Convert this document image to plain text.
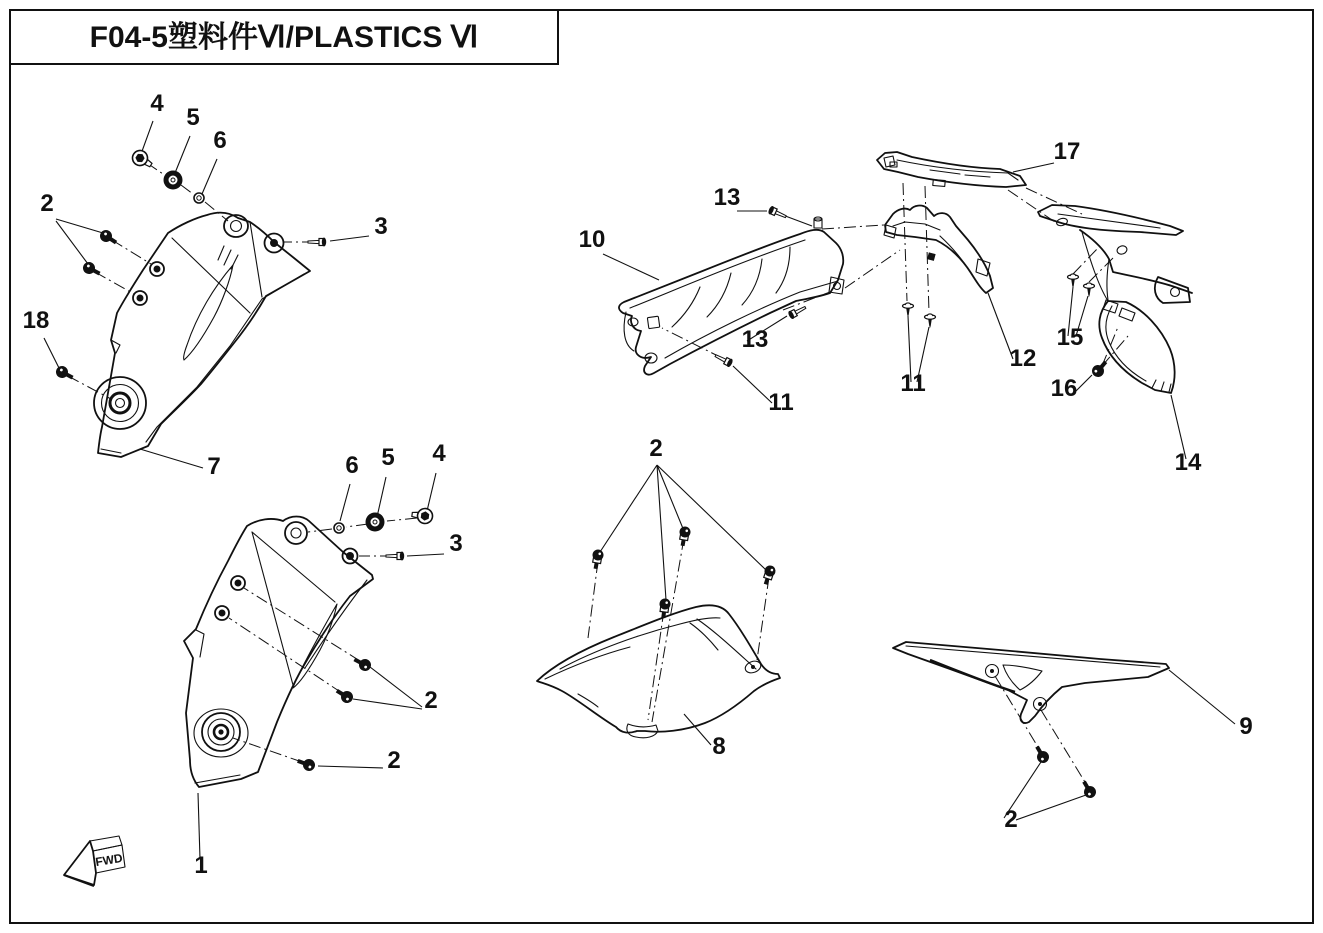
F04-5塑料件Ⅵ/PLASTICS Ⅵ
FWD
4
5
6
2
3
18
7
10
13
13
11
11
12
17
15
16
14
6 5 4
3
2
2
1
2
8
9
2
